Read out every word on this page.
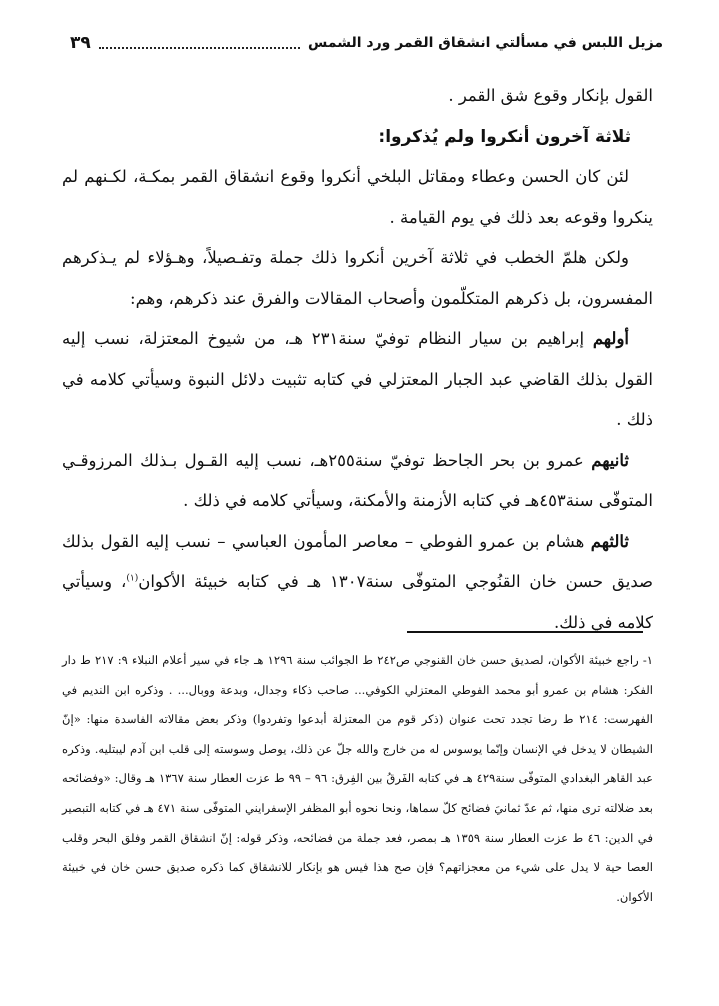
مزيل اللبس في مسألتي انشقاق القمر ورد الشمس
٣٩

القول بإنكار وقوع شق القمر .

ثلاثة آخرون أنكروا ولم يُذكروا:

لئن كان الحسن وعطاء ومقاتل البلخي أنكروا وقوع انشقاق القمر بمكـة، لكـنهم لم ينكروا وقوعه بعد ذلك في يوم القيامة .

ولكن هلمّ الخطب في ثلاثة آخرين أنكروا ذلك جملة وتفـصيلاً، وهـؤلاء لم يـذكرهم المفسرون، بل ذكرهم المتكلّمون وأصحاب المقالات والفرق عند ذكرهم، وهم:

أولهم إبراهيم بن سيار النظام توفيّ سنة٢٣١ هـ، من شيوخ المعتزلة، نسب إليه القول بذلك القاضي عبد الجبار المعتزلي في كتابه تثبيت دلائل النبوة وسيأتي كلامه في ذلك .

ثانيهم عمرو بن بحر الجاحظ توفيّ سنة٢٥٥هـ، نسب إليه القـول بـذلك المرزوقـي المتوفّى سنة٤٥٣هـ في كتابه الأزمنة والأمكنة، وسيأتي كلامه في ذلك .

ثالثهم هشام بن عمرو الفوطي – معاصر المأمون العباسي – نسب إليه القول بذلك صديق حسن خان القنُوجي المتوفّى سنة١٣٠٧ هـ في كتابه خبيئة الأكوان$^{(١)}$، وسيأتي كلامه في ذلك.

١- راجع خبيئة الأكوان، لصديق حسن خان القنوجي ص٢٤٢ ط الجوائب سنة ١٢٩٦ هـ جاء في سير أعلام النبلاء ٩: ٢١٧ ط دار الفكر: هشام بن عمرو أبو محمد الفوطي المعتزلي الكوفي... صاحب ذكاء وجدال، وبدعة ووبال... . وذكره ابن النديم في الفهرست: ٢١٤ ط رضا تجدد تحت عنوان (ذكر قوم من المعتزلة أبدعوا وتفردوا) وذكر بعض مقالاته الفاسدة منها: «إنّ الشيطان لا يدخل في الإنسان وإنّما يوسوس له من خارج والله جلّ عن ذلك، يوصل وسوسته إلى قلب ابن آدم ليبتليه. وذكره عبد القاهر البغدادي المتوفّى سنة٤٢٩ هـ في كتابه الفَرقُ بين الفِرق: ٩٦ – ٩٩ ط عزت العطار سنة ١٣٦٧ هـ وقال: «وفضائحه بعد ضلالته ترى منها، ثم عدّ ثمانيَ فضائح كلّ سماها، ونحا نحوه أبو المظفر الإسفرايني المتوفّى سنة ٤٧١ هـ في كتابه التبصير في الدين: ٤٦ ط عزت العطار سنة ١٣٥٩ هـ بمصر، فعد جملة من فضائحه، وذكر قوله: إنّ انشقاق القمر وفلق البحر وقلب العصا حية لا يدل على شيء من معجزاتهم؟ فإن صح هذا فيس هو بإنكار للانشقاق كما ذكره صديق حسن خان في خبيئة الأكوان.
